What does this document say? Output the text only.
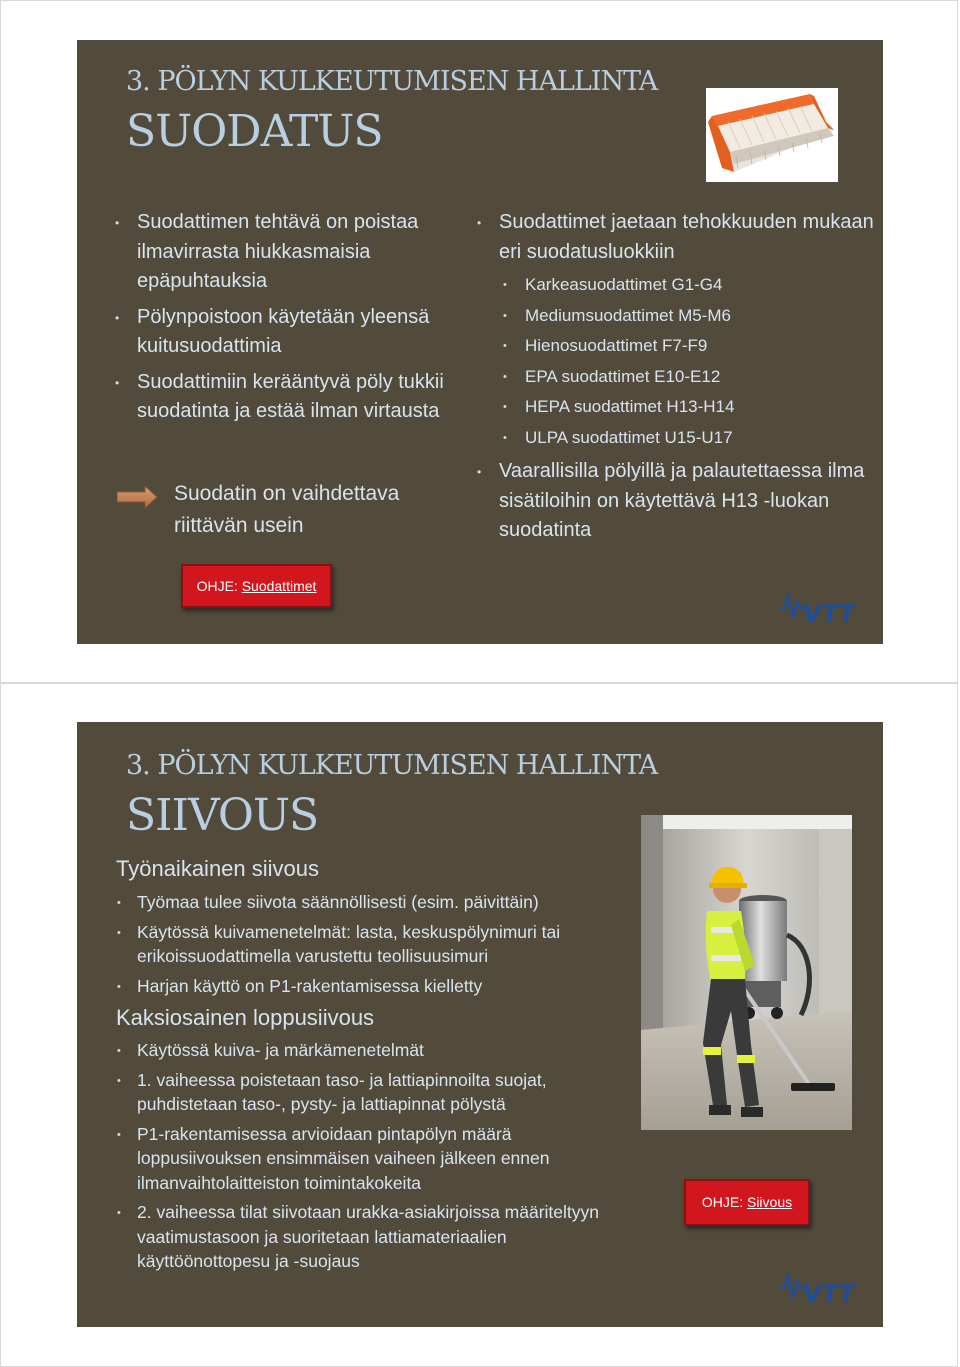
3. PÖLYN KULKEUTUMISEN HALLINTA
SUODATUS
• Suodattimen tehtävä on poistaa ilmavirrasta hiukkasmaisia epäpuhtauksia
• Pölynpoistoon käytetään yleensä kuitusuodattimia
• Suodattimiin kerääntyvä pöly tukkii suodatinta ja estää ilman virtausta
Suodatin on vaihdettava riittävän usein
• Suodattimet jaetaan tehokkuuden mukaan eri suodatusluokkiin
• Karkeasuodattimet G1-G4
• Mediumsuodattimet M5-M6
• Hienosuodattimet F7-F9
• EPA suodattimet E10-E12
• HEPA suodattimet H13-H14
• ULPA suodattimet U15-U17
• Vaarallisilla pölyillä ja palautettaessa ilma sisätiloihin on käytettävä H13 -luokan suodatinta
OHJE: Suodattimet
VTT
3. PÖLYN KULKEUTUMISEN HALLINTA
SIIVOUS
Työnaikainen siivous
• Työmaa tulee siivota säännöllisesti (esim. päivittäin)
• Käytössä kuivamenetelmät: lasta, keskuspölynimuri tai erikoissuodattimella varustettu teollisuusimuri
• Harjan käyttö on P1-rakentamisessa kielletty
Kaksiosainen loppusiivous
• Käytössä kuiva- ja märkämenetelmät
• 1. vaiheessa poistetaan taso- ja lattiapinnoilta suojat, puhdistetaan taso-, pysty- ja lattiapinnat pölystä
• P1-rakentamisessa arvioidaan pintapölyn määrä loppusiivouksen ensimmäisen vaiheen jälkeen ennen ilmanvaihtolaitteiston toimintakokeita
• 2. vaiheessa tilat siivotaan urakka-asiakirjoissa määriteltyyn vaatimustasoon ja suoritetaan lattiamateriaalien käyttöönottopesu ja -suojaus
OHJE: Siivous
VTT
